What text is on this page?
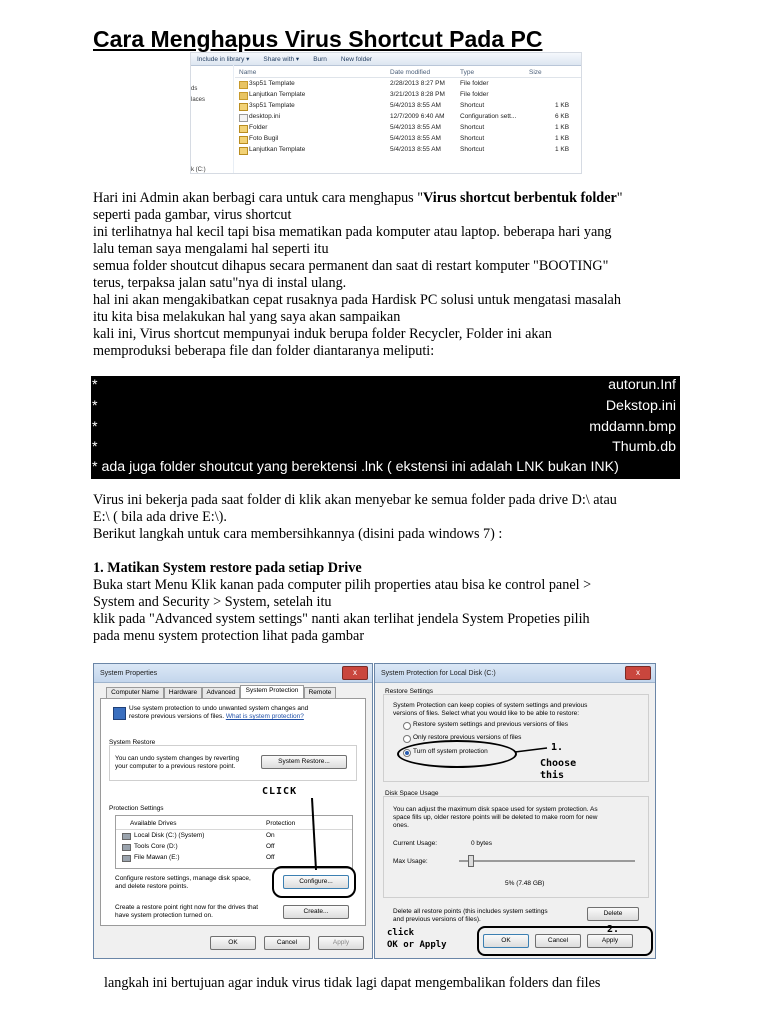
Cara Menghapus Virus Shortcut Pada PC
Include in library ▾ Share with ▾ Burn New folder
ds
laces
k (C:)
Name	Date modified	Type	Size
3sp51 Template	2/28/2013 8:27 PM File folder
Lanjutkan Template	3/21/2013 8:28 PM File folder
3sp51 Template	5/4/2013 8:55 AM	Shortcut	1 KB
desktop.ini	12/7/2009 6:40 AM Configuration sett...	6 KB
Folder	5/4/2013 8:55 AM	Shortcut	1 KB
Foto Bugil	5/4/2013 8:55 AM	Shortcut	1 KB
Lanjutkan Template	5/4/2013 8:55 AM	Shortcut	1 KB

Hari ini Admin akan berbagi cara untuk cara menghapus "Virus shortcut berbentuk folder"

seperti pada gambar, virus shortcut

ini terlihatnya hal kecil tapi bisa mematikan pada komputer atau laptop. beberapa hari yang

lalu teman saya mengalami hal seperti itu

semua folder shoutcut dihapus secara permanent dan saat di restart komputer "BOOTING"

terus, terpaksa jalan satu"nya di instal ulang.

hal ini akan mengakibatkan cepat rusaknya pada Hardisk PC solusi untuk mengatasi masalah

itu kita bisa melakukan hal yang saya akan sampaikan

kali ini, Virus shortcut mempunyai induk berupa folder Recycler, Folder ini akan

memproduksi beberapa file dan folder diantaranya meliputi:

*	autorun.Inf
*	Dekstop.ini
*	mddamn.bmp
*	Thumb.db
* ada juga folder shoutcut yang berektensi .lnk ( ekstensi ini adalah LNK bukan INK)

Virus ini bekerja pada saat folder di klik akan menyebar ke semua folder pada drive D:\ atau

E:\ ( bila ada drive E:\).

Berikut langkah untuk cara membersihkannya (disini pada windows 7) :

1. Matikan System restore pada setiap Drive

Buka start Menu Klik kanan pada computer pilih properties atau bisa ke control panel >

System and Security > System, setelah itu

klik pada "Advanced system settings" nanti akan terlihat jendela System Propeties pilih

pada menu system protection lihat pada gambar

System Properties	x
Computer Name	Hardware	Advanced	System Protection	Remote
Use system protection to undo unwanted system changes and
restore previous versions of files. What is system protection?
System Restore
You can undo system changes by reverting
your computer to a previous restore point.
System Restore...
Protection Settings
Available Drives	Protection
Local Disk (C:) (System)	On
Tools Core (D:)	Off
File Mawan (E:)	Off
Configure restore settings, manage disk space,
and delete restore points.
Configure...
Create a restore point right now for the drives that
have system protection turned on.
Create...
OK	Cancel	Apply
CLICK
System Protection for Local Disk (C:)	x
Restore Settings
System Protection can keep copies of system settings and previous
versions of files. Select what you would like to be able to restore:
Restore system settings and previous versions of files
Only restore previous versions of files
Turn off system protection	1.
Choose
this
Disk Space Usage
You can adjust the maximum disk space used for system protection. As
space fills up, older restore points will be deleted to make room for new
ones.
Current Usage:	0 bytes
Max Usage:
5% (7.48 GB)
Delete all restore points (this includes system settings
and previous versions of files).
Delete
OK	Cancel	Apply
click	2.
OK or Apply

langkah ini bertujuan agar induk virus tidak lagi dapat mengembalikan folders dan files
